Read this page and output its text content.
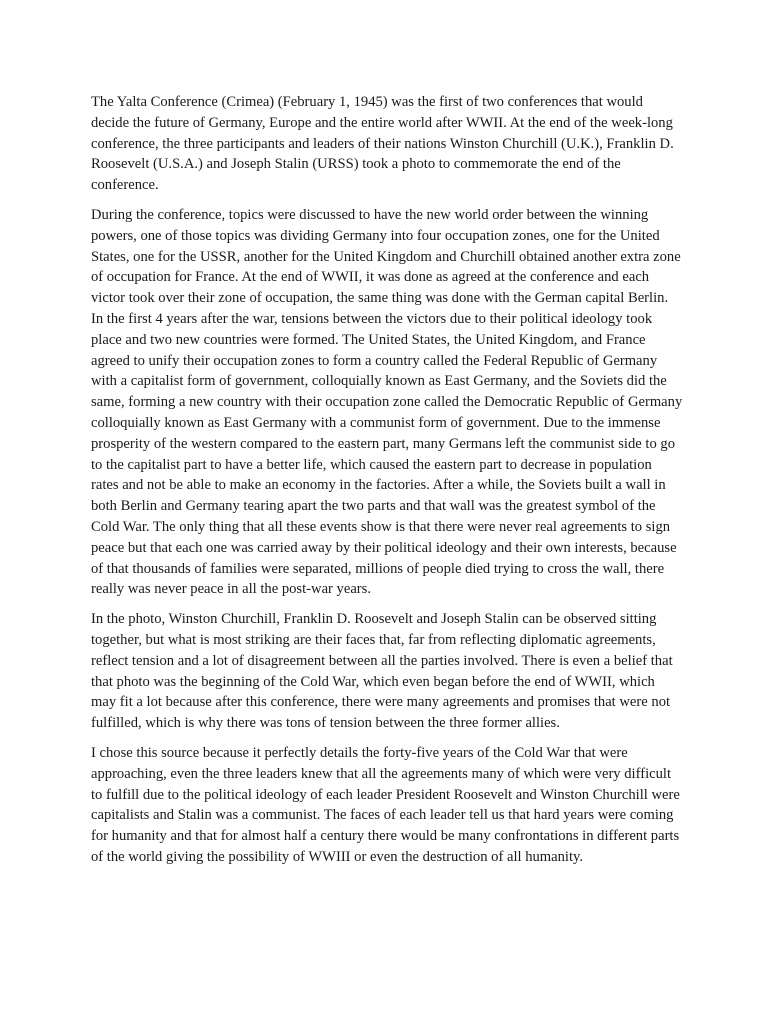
The Yalta Conference (Crimea) (February 1, 1945) was the first of two conferences that would decide the future of Germany, Europe and the entire world after WWII. At the end of the week-long conference, the three participants and leaders of their nations Winston Churchill (U.K.), Franklin D. Roosevelt (U.S.A.) and Joseph Stalin (URSS) took a photo to commemorate the end of the conference.

During the conference, topics were discussed to have the new world order between the winning powers, one of those topics was dividing Germany into four occupation zones, one for the United States, one for the USSR, another for the United Kingdom and Churchill obtained another extra zone of occupation for France. At the end of WWII, it was done as agreed at the conference and each victor took over their zone of occupation, the same thing was done with the German capital Berlin. In the first 4 years after the war, tensions between the victors due to their political ideology took place and two new countries were formed. The United States, the United Kingdom, and France agreed to unify their occupation zones to form a country called the Federal Republic of Germany with a capitalist form of government, colloquially known as East Germany, and the Soviets did the same, forming a new country with their occupation zone called the Democratic Republic of Germany colloquially known as East Germany with a communist form of government. Due to the immense prosperity of the western compared to the eastern part, many Germans left the communist side to go to the capitalist part to have a better life, which caused the eastern part to decrease in population rates and not be able to make an economy in the factories. After a while, the Soviets built a wall in both Berlin and Germany tearing apart the two parts and that wall was the greatest symbol of the Cold War. The only thing that all these events show is that there were never real agreements to sign peace but that each one was carried away by their political ideology and their own interests, because of that thousands of families were separated, millions of people died trying to cross the wall, there really was never peace in all the post-war years.

In the photo, Winston Churchill, Franklin D. Roosevelt and Joseph Stalin can be observed sitting together, but what is most striking are their faces that, far from reflecting diplomatic agreements, reflect tension and a lot of disagreement between all the parties involved. There is even a belief that that photo was the beginning of the Cold War, which even began before the end of WWII, which may fit a lot because after this conference, there were many agreements and promises that were not fulfilled, which is why there was tons of tension between the three former allies.

I chose this source because it perfectly details the forty-five years of the Cold War that were approaching, even the three leaders knew that all the agreements many of which were very difficult to fulfill due to the political ideology of each leader President Roosevelt and Winston Churchill were capitalists and Stalin was a communist. The faces of each leader tell us that hard years were coming for humanity and that for almost half a century there would be many confrontations in different parts of the world giving the possibility of WWIII or even the destruction of all humanity.
